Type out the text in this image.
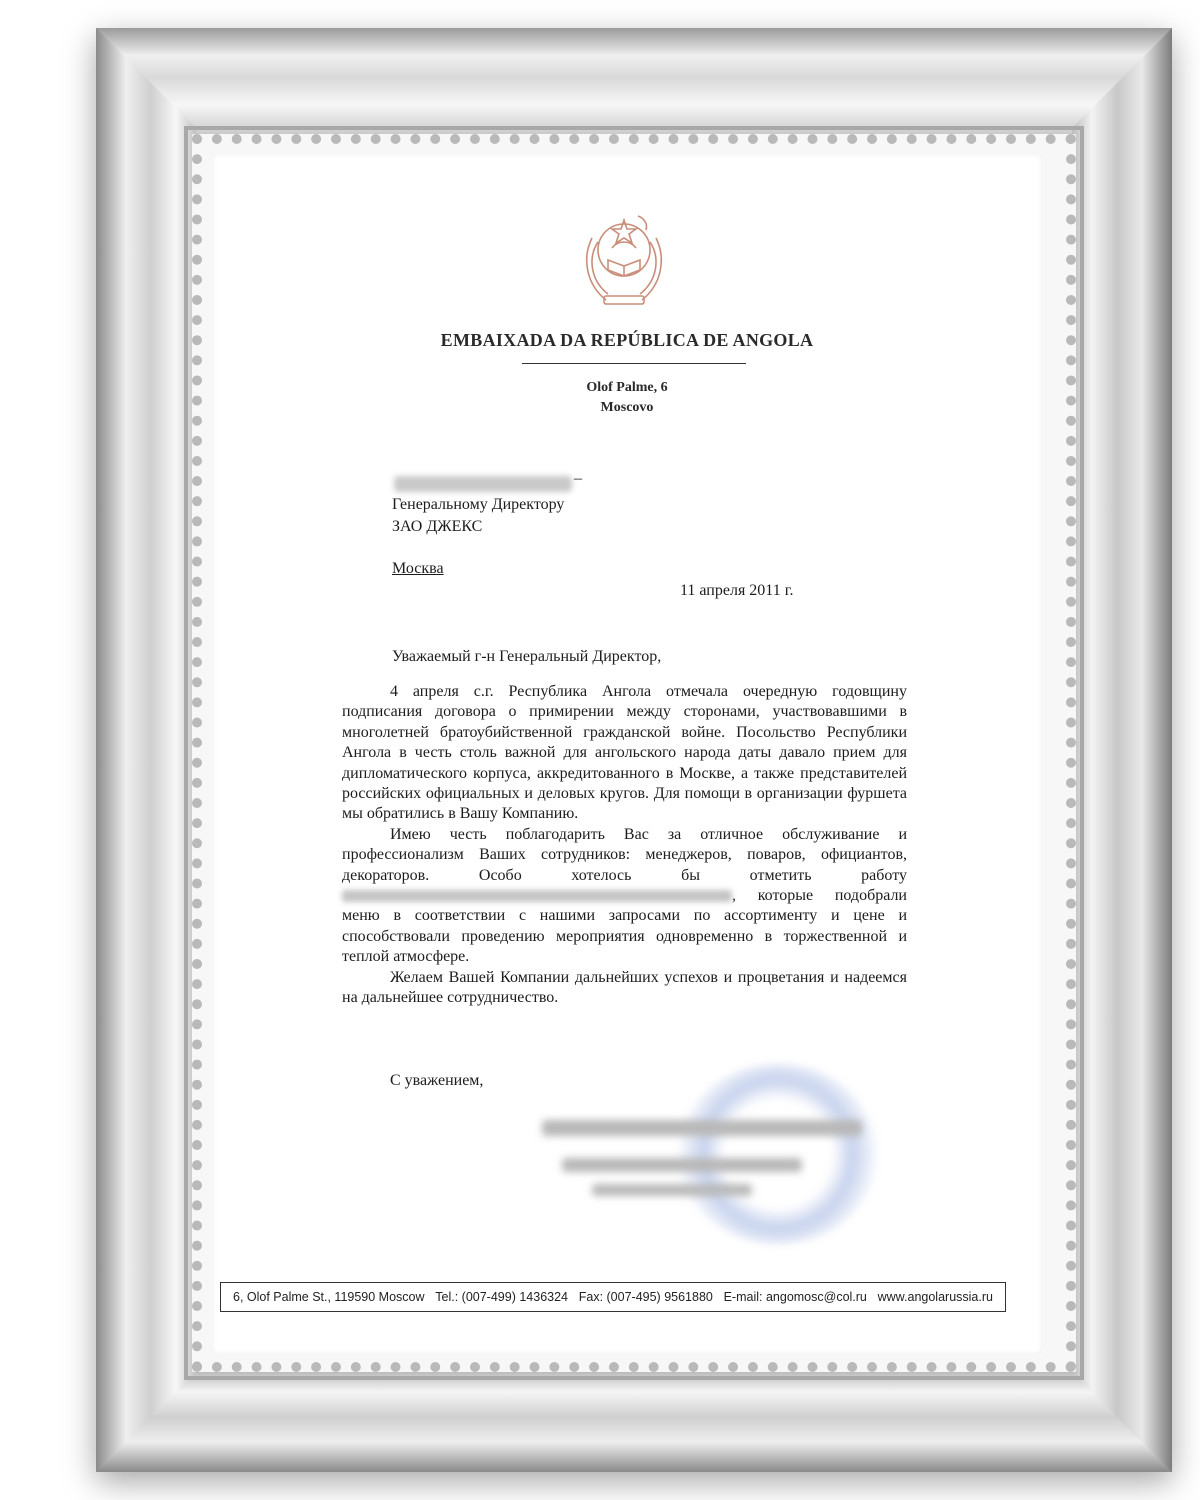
EMBAIXADA DA REPÚBLICA DE ANGOLA
Olof Palme, 6
Moscovo
–
Генеральному Директору
ЗАО ДЖЕКС
Москва
11 апреля 2011 г.
Уважаемый г-н Генеральный Директор,

4 апреля с.г. Республика Ангола отмечала очередную годовщину подписания договора о примирении между сторонами, участвовавшими в многолетней братоубийственной гражданской войне. Посольство Республики Ангола в честь столь важной для ангольского народа даты давало прием для дипломатического корпуса, аккредитованного в Москве, а также представителей российских официальных и деловых кругов. Для помощи в организации фуршета мы обратились в Вашу Компанию.

Имею честь поблагодарить Вас за отличное обслуживание и профессионализм Ваших сотрудников: менеджеров, поваров, официантов, декораторов. Особо хотелось бы отметить работу , которые подобрали меню в соответствии с нашими запросами по ассортименту и цене и способствовали проведению мероприятия одновременно в торжественной и теплой атмосфере.

Желаем Вашей Компании дальнейших успехов и процветания и надеемся на дальнейшее сотрудничество.

С уважением,
6, Olof Palme St., 119590 Moscow Tel.: (007-499) 1436324 Fax: (007-495) 9561880 E-mail: angomosc@col.ru www.angolarussia.ru
